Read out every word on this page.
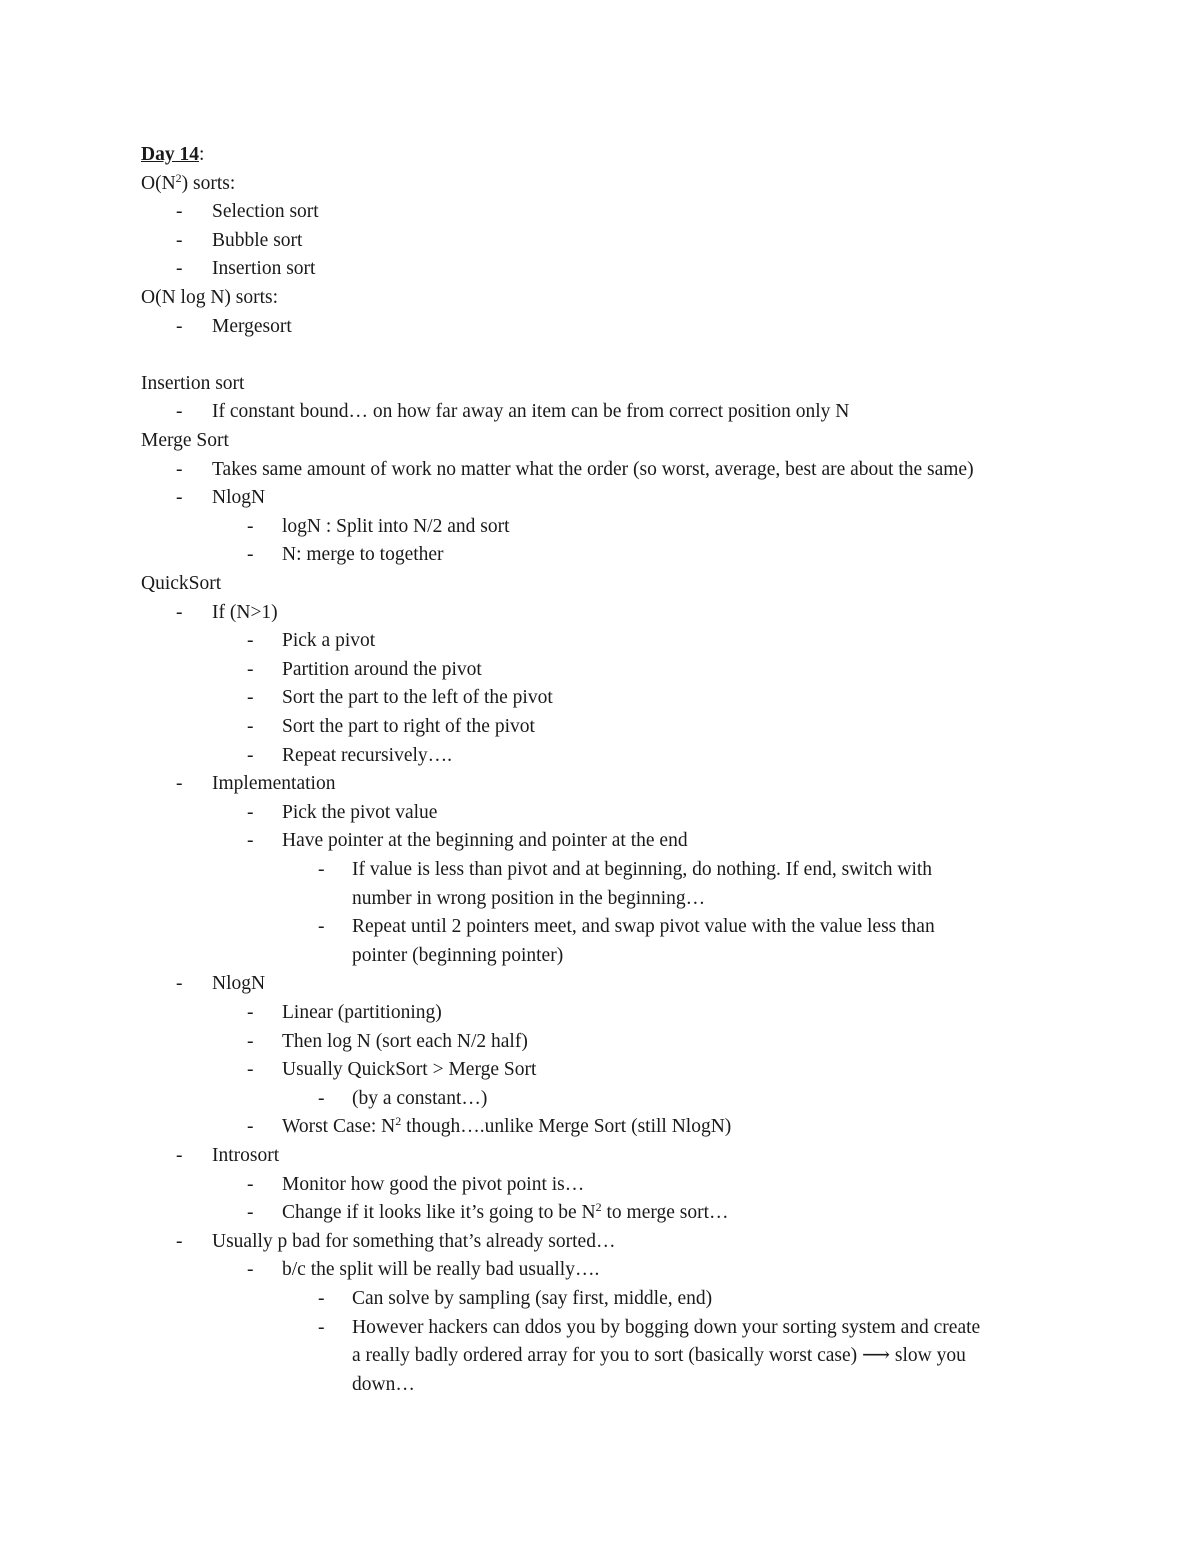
Day 14 :
$O(N^2)$ sorts:
- Selection sort
- Bubble sort
- Insertion sort
O(N log N) sorts:
- Mergesort
Insertion sort
- If constant bound… on how far away an item can be from correct position only N
Merge Sort
- Takes same amount of work no matter what the order (so worst, average, best are about the same)
- NlogN
- logN : Split into N/2 and sort
- N: merge to together
QuickSort
- If (N>1)
- Pick a pivot
- Partition around the pivot
- Sort the part to the left of the pivot
- Sort the part to right of the pivot
- Repeat recursively….
- Implementation
- Pick the pivot value
- Have pointer at the beginning and pointer at the end
- If value is less than pivot and at beginning, do nothing. If end, switch with
number in wrong position in the beginning…
- Repeat until 2 pointers meet, and swap pivot value with the value less than
pointer (beginning pointer)
- NlogN
- Linear (partitioning)
- Then log N (sort each N/2 half)
- Usually QuickSort > Merge Sort
- (by a constant…)
- Worst Case: $N^2$ though….unlike Merge Sort (still NlogN)
- Introsort
- Monitor how good the pivot point is…
- Change if it looks like it’s going to be $N^2$ to merge sort…
- Usually p bad for something that’s already sorted…
- b/c the split will be really bad usually….
- Can solve by sampling (say first, middle, end)
- However hackers can ddos you by bogging down your sorting system and create
a really badly ordered array for you to sort (basically worst case) ⟶ slow you
down…
